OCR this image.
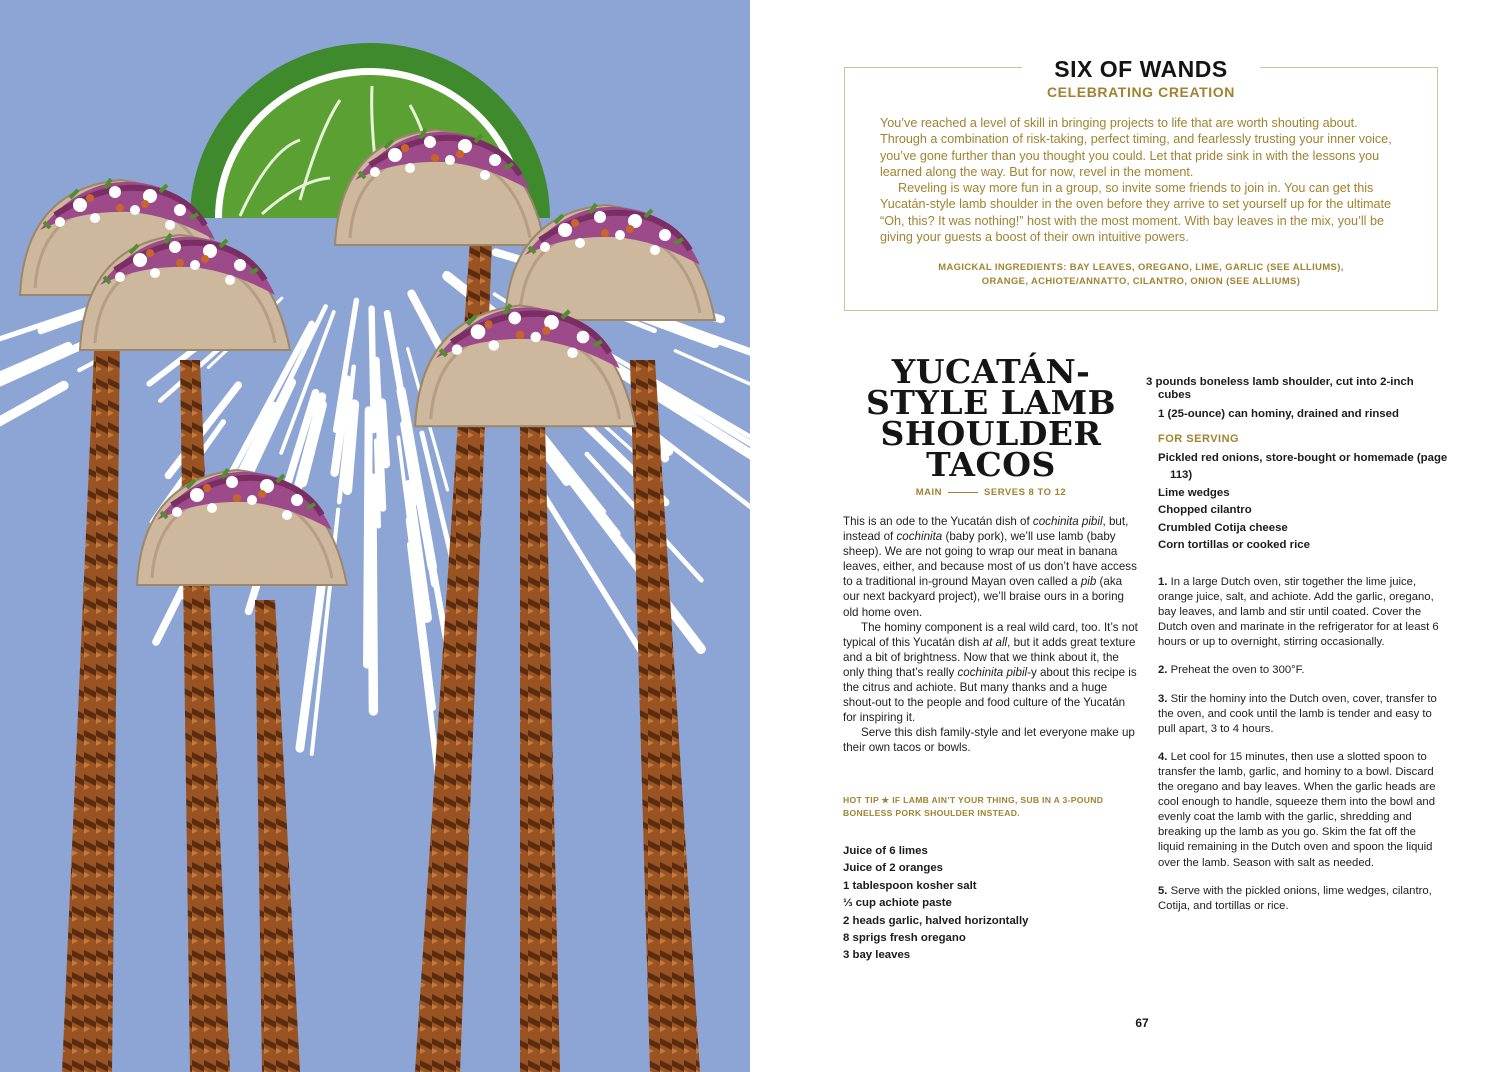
SIX OF WANDS
CELEBRATING CREATION

You’ve reached a level of skill in bringing projects to life that are worth shouting about. Through a combination of risk-taking, perfect timing, and fearlessly trusting your inner voice, you’ve gone further than you thought you could. Let that pride sink in with the lessons you learned along the way. But for now, revel in the moment.

Reveling is way more fun in a group, so invite some friends to join in. You can get this Yucatán-style lamb shoulder in the oven before they arrive to set yourself up for the ultimate “Oh, this? It was nothing!” host with the most moment. With bay leaves in the mix, you’ll be giving your guests a boost of their own intuitive powers.

MAGICKAL INGREDIENTS: BAY LEAVES, OREGANO, LIME, GARLIC (SEE ALLIUMS),
ORANGE, ACHIOTE/ANNATTO, CILANTRO, ONION (SEE ALLIUMS)
YUCATÁN-
STYLE LAMB
SHOULDER
TACOS
MAIN	SERVES 8 TO 12

This is an ode to the Yucatán dish of cochinita pibil, but, instead of cochinita (baby pork), we’ll use lamb (baby sheep). We are not going to wrap our meat in banana leaves, either, and because most of us don’t have access to a traditional in-ground Mayan oven called a pib (aka our next backyard project), we’ll braise ours in a boring old home oven.

The hominy component is a real wild card, too. It’s not typical of this Yucatán dish at all, but it adds great texture and a bit of brightness. Now that we think about it, the only thing that’s really cochinita pibil-y about this recipe is the citrus and achiote. But many thanks and a huge shout-out to the people and food culture of the Yucatán for inspiring it.

Serve this dish family-style and let everyone make up their own tacos or bowls.

HOT TIP ★ IF LAMB AIN’T YOUR THING, SUB IN A 3-POUND BONELESS PORK SHOULDER INSTEAD.
Juice of 6 limes
Juice of 2 oranges
1 tablespoon kosher salt
⅓ cup achiote paste
2 heads garlic, halved horizontally
8 sprigs fresh oregano
3 bay leaves
3 pounds boneless lamb shoulder, cut into 2-inch cubes
1 (25-ounce) can hominy, drained and rinsed
FOR SERVING
Pickled red onions, store-bought or homemade (page 113)
Lime wedges
Chopped cilantro
Crumbled Cotija cheese
Corn tortillas or cooked rice
1. In a large Dutch oven, stir together the lime juice, orange juice, salt, and achiote. Add the garlic, oregano, bay leaves, and lamb and stir until coated. Cover the Dutch oven and marinate in the refrigerator for at least 6 hours or up to overnight, stirring occasionally.
2. Preheat the oven to 300°F.
3. Stir the hominy into the Dutch oven, cover, transfer to the oven, and cook until the lamb is tender and easy to pull apart, 3 to 4 hours.
4. Let cool for 15 minutes, then use a slotted spoon to transfer the lamb, garlic, and hominy to a bowl. Discard the oregano and bay leaves. When the garlic heads are cool enough to handle, squeeze them into the bowl and evenly coat the lamb with the garlic, shredding and breaking up the lamb as you go. Skim the fat off the liquid remaining in the Dutch oven and spoon the liquid over the lamb. Season with salt as needed.
5. Serve with the pickled onions, lime wedges, cilantro, Cotija, and tortillas or rice.
67
